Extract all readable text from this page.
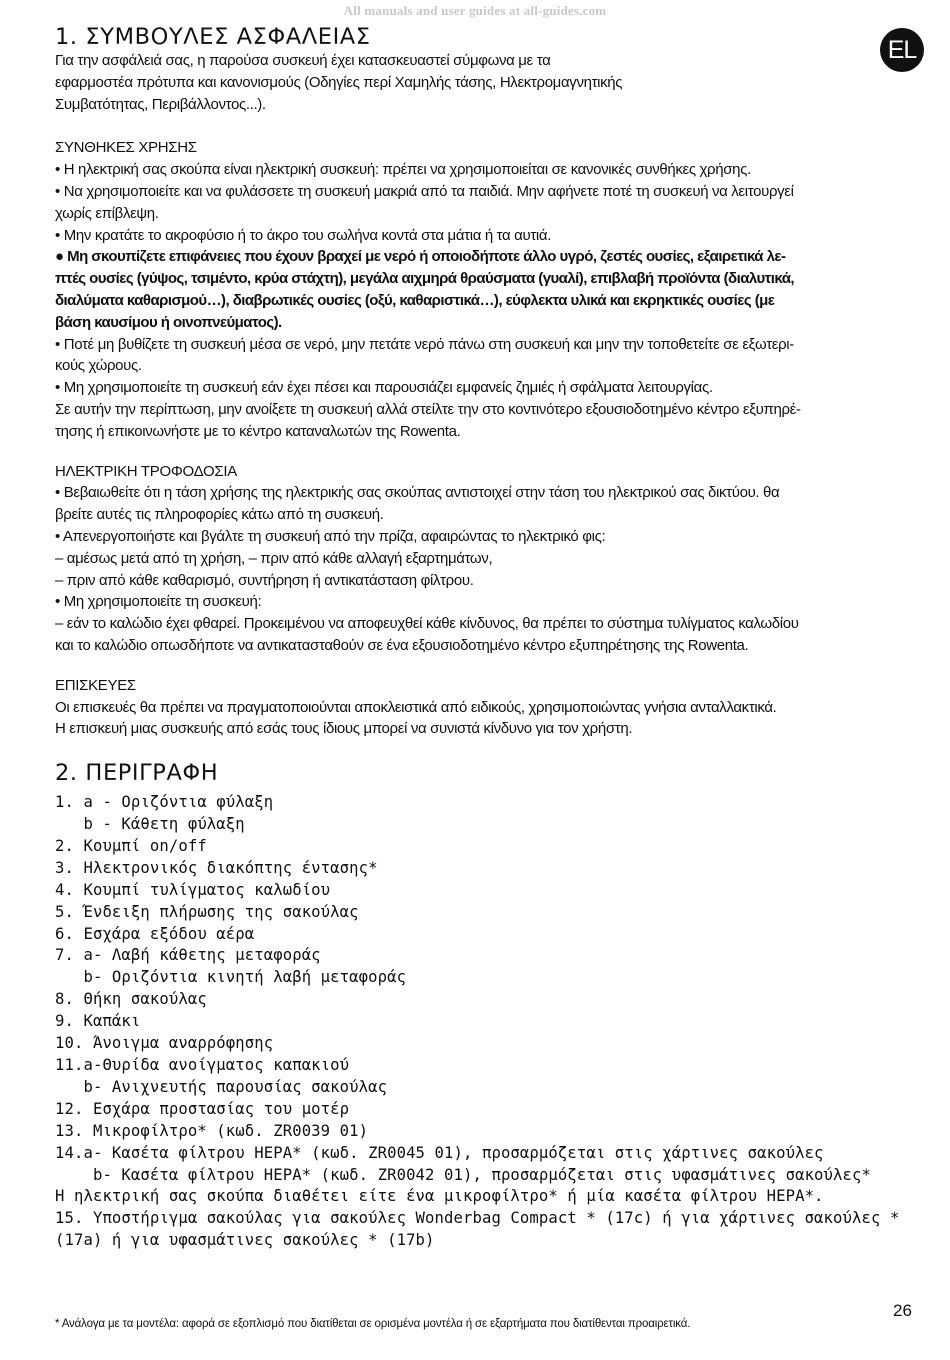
All manuals and user guides at all-guides.com
EL
1. ΣΥΜΒΟΥΛΕΣ ΑΣΦΑΛΕΙΑΣ

Για την ασφάλειά σας, η παρούσα συσκευή έχει κατασκευαστεί σύμφωνα με τα

εφαρμοστέα πρότυπα και κανονισμούς (Οδηγίες περί Χαμηλής τάσης, Ηλεκτρομαγνητικής

Συμβατότητας, Περιβάλλοντος...).

ΣΥΝΘΗΚΕΣ ΧΡΗΣΗΣ

• Η ηλεκτρική σας σκούπα είναι ηλεκτρική συσκευή: πρέπει να χρησιμοποιείται σε κανονικές συνθήκες χρήσης.

• Να χρησιμοποιείτε και να φυλάσσετε τη συσκευή μακριά από τα παιδιά. Μην αφήνετε ποτέ τη συσκευή να λειτουργεί

χωρίς επίβλεψη.

• Μην κρατάτε το ακροφύσιο ή το άκρο του σωλήνα κοντά στα μάτια ή τα αυτιά.

● Μη σκουπίζετε επιφάνειες που έχουν βραχεί με νερό ή οποιοδήποτε άλλο υγρό, ζεστές ουσίες, εξαιρετικά λε-

πτές ουσίες (γύψος, τσιμέντο, κρύα στάχτη), μεγάλα αιχμηρά θραύσματα (γυαλί), επιβλαβή προϊόντα (διαλυτικά,

διαλύματα καθαρισμού…), διαβρωτικές ουσίες (οξύ, καθαριστικά…), εύφλεκτα υλικά και εκρηκτικές ουσίες (με

βάση καυσίμου ή οινοπνεύματος).

• Ποτέ μη βυθίζετε τη συσκευή μέσα σε νερό, μην πετάτε νερό πάνω στη συσκευή και μην την τοποθετείτε σε εξωτερι-

κούς χώρους.

• Μη χρησιμοποιείτε τη συσκευή εάν έχει πέσει και παρουσιάζει εμφανείς ζημιές ή σφάλματα λειτουργίας.

Σε αυτήν την περίπτωση, μην ανοίξετε τη συσκευή αλλά στείλτε την στο κοντινότερο εξουσιοδοτημένο κέντρο εξυπηρέ-

τησης ή επικοινωνήστε με το κέντρο καταναλωτών της Rowenta.

ΗΛΕΚΤΡΙΚΗ ΤΡΟΦΟΔΟΣΙΑ

• Βεβαιωθείτε ότι η τάση χρήσης της ηλεκτρικής σας σκούπας αντιστοιχεί στην τάση του ηλεκτρικού σας δικτύου. θα

βρείτε αυτές τις πληροφορίες κάτω από τη συσκευή.

• Απενεργοποιήστε και βγάλτε τη συσκευή από την πρίζα, αφαιρώντας το ηλεκτρικό φις:

– αμέσως μετά από τη χρήση, – πριν από κάθε αλλαγή εξαρτημάτων,

– πριν από κάθε καθαρισμό, συντήρηση ή αντικατάσταση φίλτρου.

• Μη χρησιμοποιείτε τη συσκευή:

– εάν το καλώδιο έχει φθαρεί. Προκειμένου να αποφευχθεί κάθε κίνδυνος, θα πρέπει το σύστημα τυλίγματος καλωδίου

και το καλώδιο οπωσδήποτε να αντικατασταθούν σε ένα εξουσιοδοτημένο κέντρο εξυπηρέτησης της Rowenta.

ΕΠΙΣΚΕΥΕΣ

Οι επισκευές θα πρέπει να πραγματοποιούνται αποκλειστικά από ειδικούς, χρησιμοποιώντας γνήσια ανταλλακτικά.

Η επισκευή μιας συσκευής από εσάς τους ίδιους μπορεί να συνιστά κίνδυνο για τον χρήστη.

2. ΠΕΡΙΓΡΑΦΗ
1. a - Οριζόντια φύλαξη
b - Κάθετη φύλαξη
2. Κουμπί on/off
3. Ηλεκτρονικός διακόπτης έντασης*
4. Κουμπί τυλίγματος καλωδίου
5. Ένδειξη πλήρωσης της σακούλας
6. Εσχάρα εξόδου αέρα
7. a- Λαβή κάθετης μεταφοράς
b- Οριζόντια κινητή λαβή μεταφοράς
8. Θήκη σακούλας
9. Καπάκι
10. Άνοιγμα αναρρόφησης
11.a-Θυρίδα ανοίγματος καπακιού
b- Ανιχνευτής παρουσίας σακούλας
12. Εσχάρα προστασίας του μοτέρ
13. Μικροφίλτρο* (κωδ. ZR0039 01)
14.a- Κασέτα φίλτρου HEPA* (κωδ. ZR0045 01), προσαρμόζεται στις χάρτινες σακούλες
b- Κασέτα φίλτρου HEPA* (κωδ. ZR0042 01), προσαρμόζεται στις υφασμάτινες σακούλες*
Η ηλεκτρική σας σκούπα διαθέτει είτε ένα μικροφίλτρο* ή μία κασέτα φίλτρου HEPA*.
15. Υποστήριγμα σακούλας για σακούλες Wonderbag Compact * (17c) ή για χάρτινες σακούλες *
(17a) ή για υφασμάτινες σακούλες * (17b)
26
* Ανάλογα με τα μοντέλα: αφορά σε εξοπλισμό που διατίθεται σε ορισμένα μοντέλα ή σε εξαρτήματα που διατίθενται προαιρετικά.
